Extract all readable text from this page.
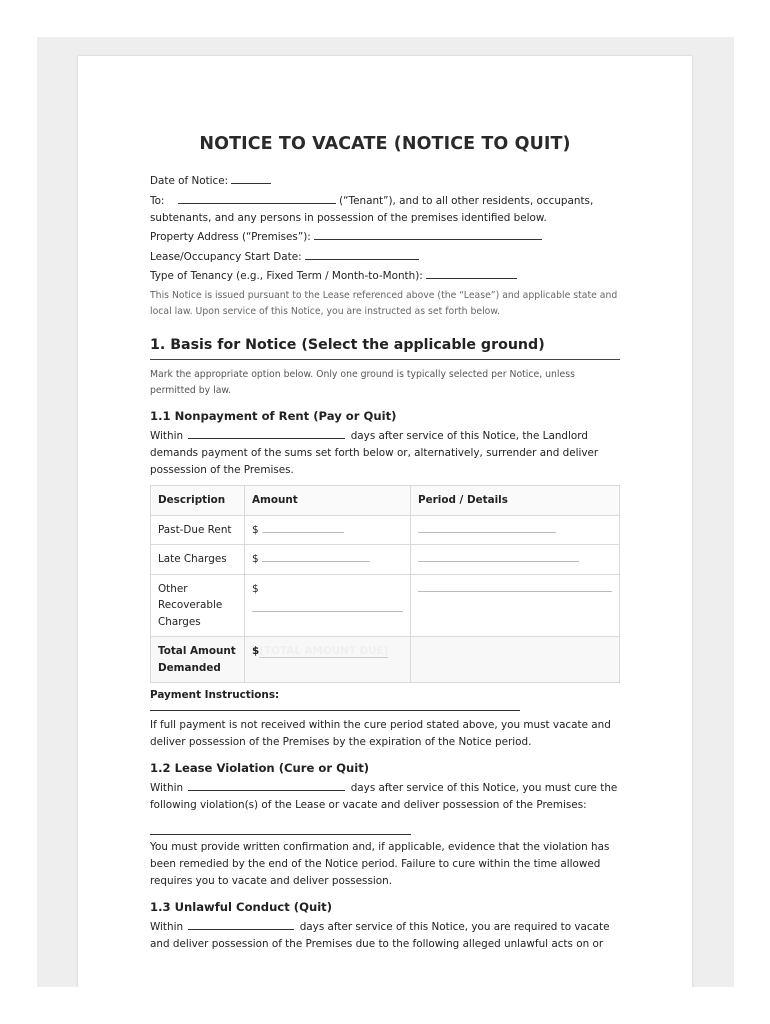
NOTICE TO VACATE (NOTICE TO QUIT)
Date of Notice:
To:	(“Tenant”), and to all other residents, occupants,
subtenants, and any persons in possession of the premises identified below.
Property Address (“Premises”):
Lease/Occupancy Start Date:
Type of Tenancy (e.g., Fixed Term / Month-to-Month):
This Notice is issued pursuant to the Lease referenced above (the “Lease”) and applicable state and local law. Upon service of this Notice, you are instructed as set forth below.
1. Basis for Notice (Select the applicable ground)
Mark the appropriate option below. Only one ground is typically selected per Notice, unless permitted by law.
1.1 Nonpayment of Rent (Pay or Quit)
Within	days after service of this Notice, the Landlord demands payment of the sums set forth below or, alternatively, surrender and deliver possession of the Premises.
Description	Amount	Period / Details
Past-Due Rent	$	
Late Charges	$	
Other Recoverable Charges	$

Total Amount Demanded	$[TOTAL AMOUNT DUE]	
Payment Instructions:
If full payment is not received within the cure period stated above, you must vacate and deliver possession of the Premises by the expiration of the Notice period.
1.2 Lease Violation (Cure or Quit)
Within	days after service of this Notice, you must cure the following violation(s) of the Lease or vacate and deliver possession of the Premises:
You must provide written confirmation and, if applicable, evidence that the violation has been remedied by the end of the Notice period. Failure to cure within the time allowed requires you to vacate and deliver possession.
1.3 Unlawful Conduct (Quit)
Within	days after service of this Notice, you are required to vacate and deliver possession of the Premises due to the following alleged unlawful acts on or
